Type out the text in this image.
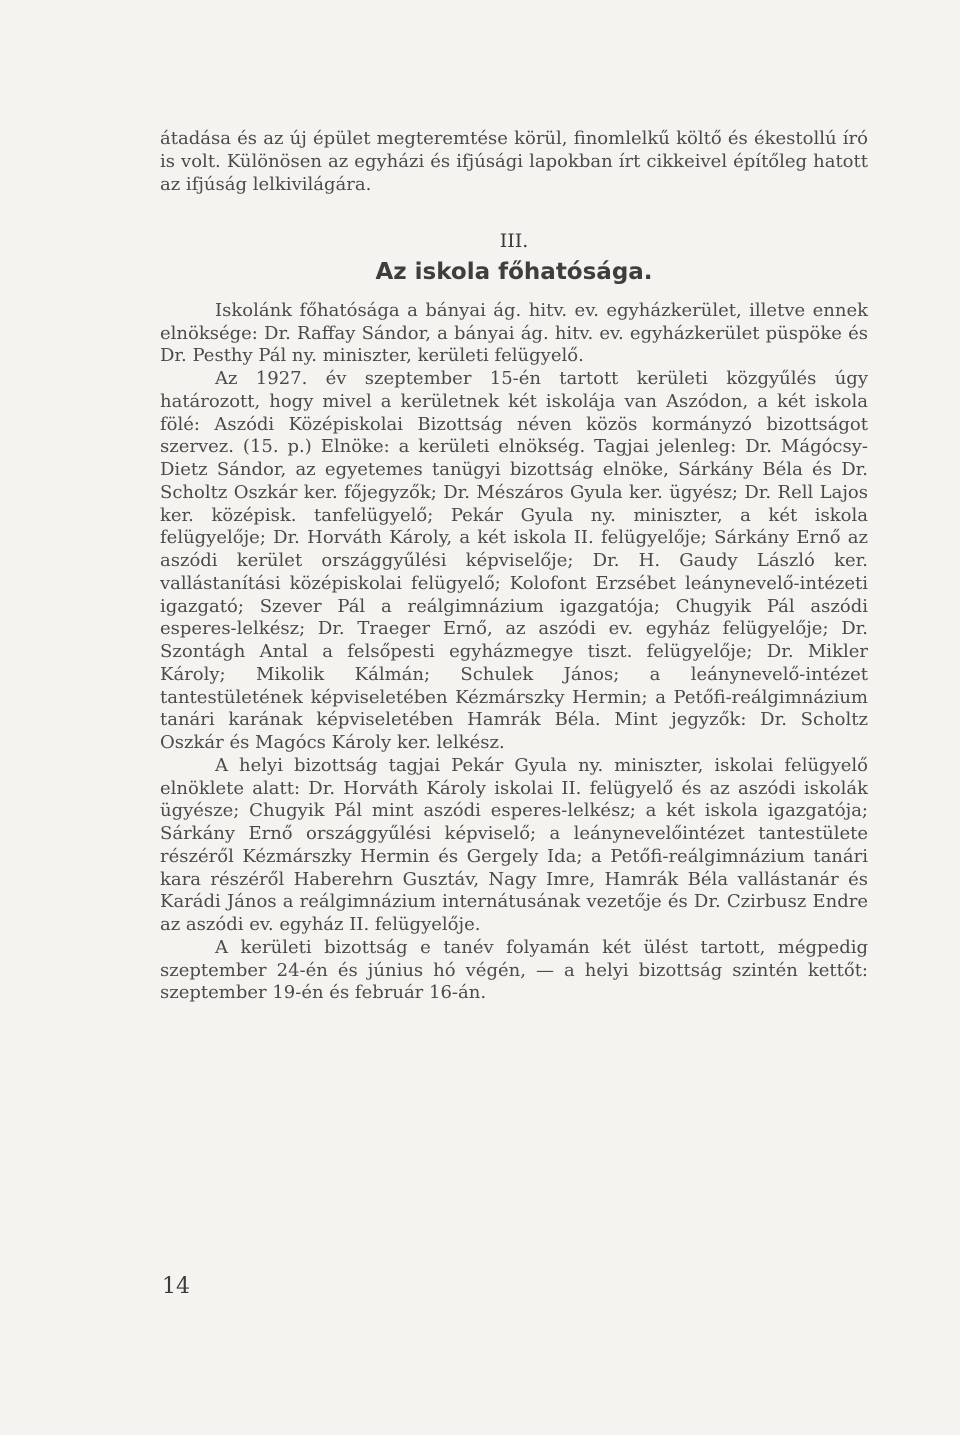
átadása és az új épület megteremtése körül, finomlelkű költő és ékestollú író is volt. Különösen az egyházi és ifjúsági lapokban írt cikkeivel építőleg hatott az ifjúság lelkivilágára.

III.
Az iskola főhatósága.

Iskolánk főhatósága a bányai ág. hitv. ev. egyházkerület, illetve ennek elnöksége: Dr. Raffay Sándor, a bányai ág. hitv. ev. egyházkerület püspöke és Dr. Pesthy Pál ny. miniszter, kerületi felügyelő.

Az 1927. év szeptember 15-én tartott kerületi közgyűlés úgy határozott, hogy mivel a kerületnek két iskolája van Aszódon, a két iskola fölé: Aszódi Középiskolai Bizottság néven közös kormányzó bizottságot szervez. (15. p.) Elnöke: a kerületi elnökség. Tagjai jelenleg: Dr. Mágócsy-Dietz Sándor, az egyetemes tanügyi bizottság elnöke, Sárkány Béla és Dr. Scholtz Oszkár ker. főjegyzők; Dr. Mészáros Gyula ker. ügyész; Dr. Rell Lajos ker. középisk. tanfelügyelő; Pekár Gyula ny. miniszter, a két iskola felügyelője; Dr. Horváth Károly, a két iskola II. felügyelője; Sárkány Ernő az aszódi kerület országgyűlési képviselője; Dr. H. Gaudy László ker. vallástanítási középiskolai felügyelő; Kolofont Erzsébet leánynevelő-intézeti igazgató; Szever Pál a reálgimnázium igazgatója; Chugyik Pál aszódi esperes-lelkész; Dr. Traeger Ernő, az aszódi ev. egyház felügyelője; Dr. Szontágh Antal a felsőpesti egyházmegye tiszt. felügyelője; Dr. Mikler Károly; Mikolik Kálmán; Schulek János; a leánynevelő-intézet tantestületének képviseletében Kézmárszky Hermin; a Petőfi-reálgimnázium tanári karának képviseletében Hamrák Béla. Mint jegyzők: Dr. Scholtz Oszkár és Magócs Károly ker. lelkész.

A helyi bizottság tagjai Pekár Gyula ny. miniszter, iskolai felügyelő elnöklete alatt: Dr. Horváth Károly iskolai II. felügyelő és az aszódi iskolák ügyésze; Chugyik Pál mint aszódi esperes-lelkész; a két iskola igazgatója; Sárkány Ernő országgyűlési képviselő; a leánynevelőintézet tantestülete részéről Kézmárszky Hermin és Gergely Ida; a Petőfi-reálgimnázium tanári kara részéről Haberehrn Gusztáv, Nagy Imre, Hamrák Béla vallástanár és Karádi János a reálgimnázium internátusának vezetője és Dr. Czirbusz Endre az aszódi ev. egyház II. felügyelője.

A kerületi bizottság e tanév folyamán két ülést tartott, mégpedig szeptember 24-én és június hó végén, — a helyi bizottság szintén kettőt: szeptember 19-én és február 16-án.

14
